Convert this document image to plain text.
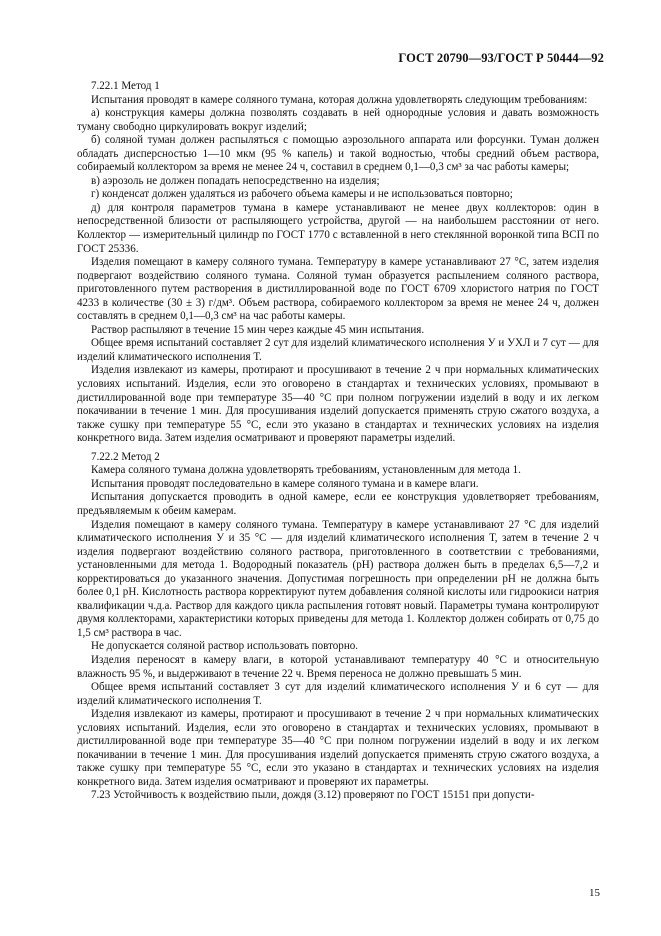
ГОСТ 20790—93/ГОСТ Р 50444—92

7.22.1 Метод 1

Испытания проводят в камере соляного тумана, которая должна удовлетворять следующим требованиям:

а) конструкция камеры должна позволять создавать в ней однородные условия и давать возможность туману свободно циркулировать вокруг изделий;

б) соляной туман должен распыляться с помощью аэрозольного аппарата или форсунки. Туман должен обладать дисперсностью 1—10 мкм (95 % капель) и такой водностью, чтобы средний объем раствора, собираемый коллектором за время не менее 24 ч, составил в среднем 0,1—0,3 см³ за час работы камеры;

в) аэрозоль не должен попадать непосредственно на изделия;

г) конденсат должен удаляться из рабочего объема камеры и не использоваться повторно;

д) для контроля параметров тумана в камере устанавливают не менее двух коллекторов: один в непосредственной близости от распыляющего устройства, другой — на наибольшем расстоянии от него. Коллектор — измерительный цилиндр по ГОСТ 1770 с вставленной в него стеклянной воронкой типа ВСП по ГОСТ 25336.

Изделия помещают в камеру соляного тумана. Температуру в камере устанавливают 27 °С, затем изделия подвергают воздействию соляного тумана. Соляной туман образуется распылением соляного раствора, приготовленного путем растворения в дистиллированной воде по ГОСТ 6709 хлористого натрия по ГОСТ 4233 в количестве (30 ± 3) г/дм³. Объем раствора, собираемого коллектором за время не менее 24 ч, должен составлять в среднем 0,1—0,3 см³ на час работы камеры.

Раствор распыляют в течение 15 мин через каждые 45 мин испытания.

Общее время испытаний составляет 2 сут для изделий климатического исполнения У и УХЛ и 7 сут — для изделий климатического исполнения Т.

Изделия извлекают из камеры, протирают и просушивают в течение 2 ч при нормальных климатических условиях испытаний. Изделия, если это оговорено в стандартах и технических условиях, промывают в дистиллированной воде при температуре 35—40 °С при полном погружении изделий в воду и их легком покачивании в течение 1 мин. Для просушивания изделий допускается применять струю сжатого воздуха, а также сушку при температуре 55 °С, если это указано в стандартах и технических условиях на изделия конкретного вида. Затем изделия осматривают и проверяют параметры изделий.

7.22.2 Метод 2

Камера соляного тумана должна удовлетворять требованиям, установленным для метода 1.

Испытания проводят последовательно в камере соляного тумана и в камере влаги.

Испытания допускается проводить в одной камере, если ее конструкция удовлетворяет требованиям, предъявляемым к обеим камерам.

Изделия помещают в камеру соляного тумана. Температуру в камере устанавливают 27 °С для изделий климатического исполнения У и 35 °С — для изделий климатического исполнения Т, затем в течение 2 ч изделия подвергают воздействию соляного раствора, приготовленного в соответствии с требованиями, установленными для метода 1. Водородный показатель (рН) раствора должен быть в пределах 6,5—7,2 и корректироваться до указанного значения. Допустимая погрешность при определении рН не должна быть более 0,1 рН. Кислотность раствора корректируют путем добавления соляной кислоты или гидроокиси натрия квалификации ч.д.а. Раствор для каждого цикла распыления готовят новый. Параметры тумана контролируют двумя коллекторами, характеристики которых приведены для метода 1. Коллектор должен собирать от 0,75 до 1,5 см³ раствора в час.

Не допускается соляной раствор использовать повторно.

Изделия переносят в камеру влаги, в которой устанавливают температуру 40 °С и относительную влажность 95 %, и выдерживают в течение 22 ч. Время переноса не должно превышать 5 мин.

Общее время испытаний составляет 3 сут для изделий климатического исполнения У и 6 сут — для изделий климатического исполнения Т.

Изделия извлекают из камеры, протирают и просушивают в течение 2 ч при нормальных климатических условиях испытаний. Изделия, если это оговорено в стандартах и технических условиях, промывают в дистиллированной воде при температуре 35—40 °С при полном погружении изделий в воду и их легком покачивании в течение 1 мин. Для просушивания изделий допускается применять струю сжатого воздуха, а также сушку при температуре 55 °С, если это указано в стандартах и технических условиях на изделия конкретного вида. Затем изделия осматривают и проверяют их параметры.

7.23 Устойчивость к воздействию пыли, дождя (3.12) проверяют по ГОСТ 15151 при допусти-

15
